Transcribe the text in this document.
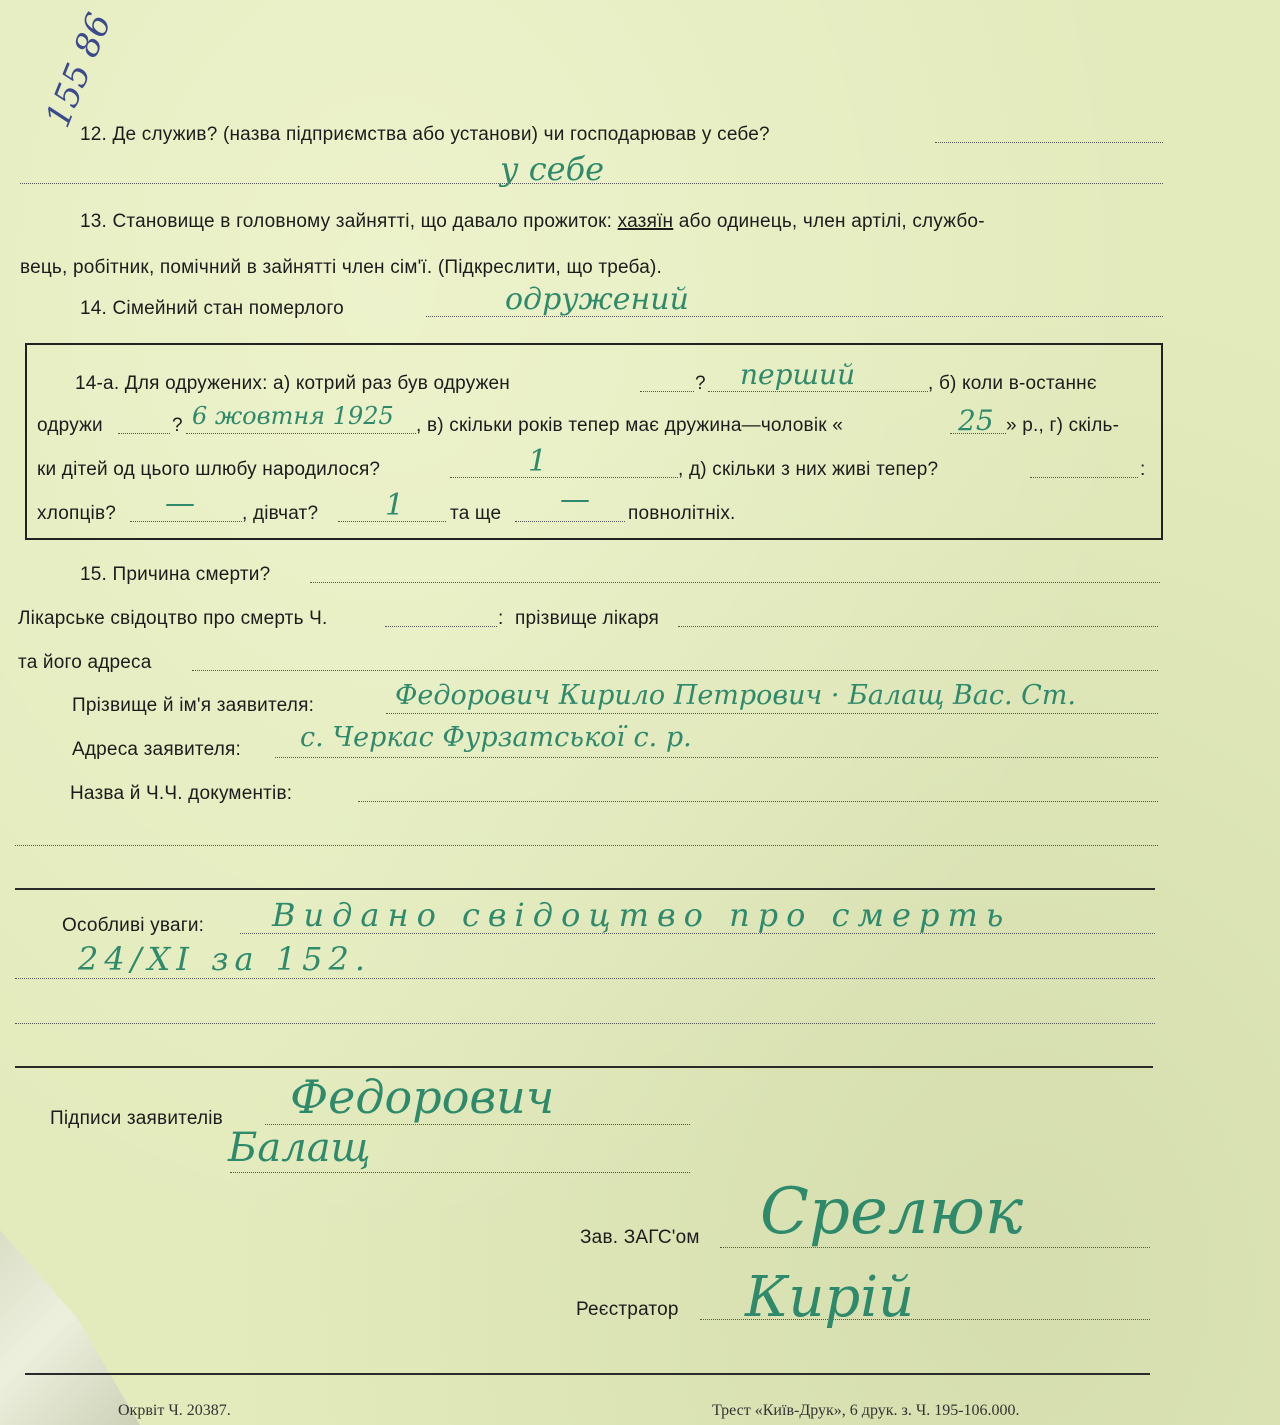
155 86
12. Де служив? (назва підприємства або установи) чи господарював у себе?
у себе
13. Становище в головному зайнятті, що давало прожиток: хазяїн або одинець, член артілі, службо-
вець, робітник, помічний в зайнятті член сім'ї. (Підкреслити, що треба).
14. Сімейний стан померлого	одружений
14-а. Для одружених: а) котрий раз був одружен	? перший	, б) коли в-останнє
одружи	? 6 жовтня 1925 , в) скільки років тепер має дружина—чоловік «	25 » р., г) скіль-
ки дітей од цього шлюбу народилося?	1	, д) скільки з них живі тепер?	:
хлопців? — , дівчат? 1 та ще — повнолітніх.
15. Причина смерти?
Лікарське свідоцтво про смерть Ч.	: прізвище лікаря
та його адреса
Прізвище й ім'я заявителя:	Федорович Кирило Петрович · Балащ Вас. Ст.
Адреса заявителя: с. Черкас Фурзатської с. р.
Назва й Ч.Ч. документів:
Особливі уваги: Видано свідоцтво про смерть
24/XI за 152.
Підписи заявителів Федорович
Балащ
Зав. ЗАГС'ом Срелюк
Реєстратор Кирій
Окрвіт Ч. 20387.	Трест «Київ-Друк», 6 друк. з. Ч. 195-106.000.
